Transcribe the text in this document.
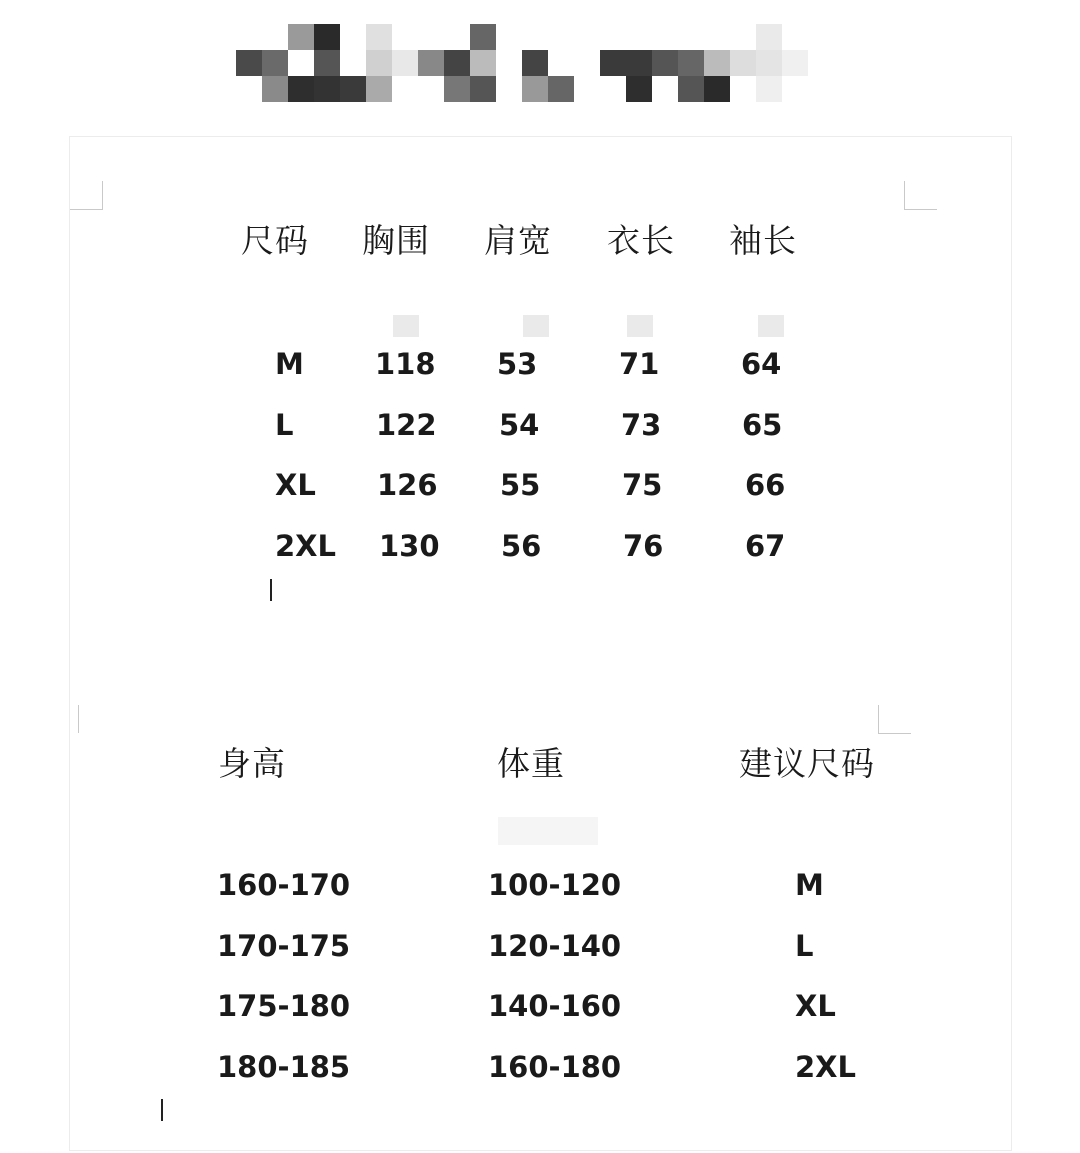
尺码 胸围 肩宽 衣长 袖长
M 118 53	71	64
L	122 54	73	65
XL 126 55	75	66
2XL 130 56	76	67
身高	体重	建议尺码
160-170	100-120	M
170-175	120-140	L
175-180	140-160	XL
180-185	160-180	2XL
